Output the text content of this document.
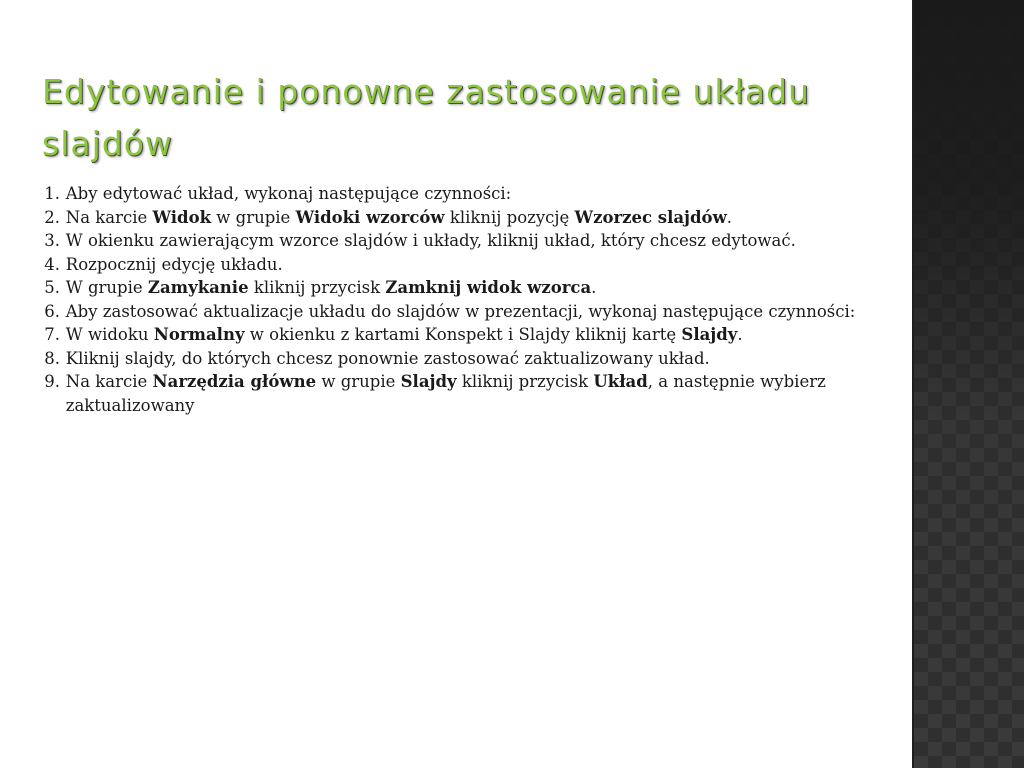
Edytowanie i ponowne zastosowanie układu slajdów
1. Aby edytować układ, wykonaj następujące czynności:
2. Na karcie Widok w grupie Widoki wzorców kliknij pozycję Wzorzec slajdów.
3. W okienku zawierającym wzorce slajdów i układy, kliknij układ, który chcesz edytować.
4. Rozpocznij edycję układu.
5. W grupie Zamykanie kliknij przycisk Zamknij widok wzorca.
6. Aby zastosować aktualizacje układu do slajdów w prezentacji, wykonaj następujące czynności:
7. W widoku Normalny w okienku z kartami Konspekt i Slajdy kliknij kartę Slajdy.
8. Kliknij slajdy, do których chcesz ponownie zastosować zaktualizowany układ.
9. Na karcie Narzędzia główne w grupie Slajdy kliknij przycisk Układ, a następnie wybierz zaktualizowany
